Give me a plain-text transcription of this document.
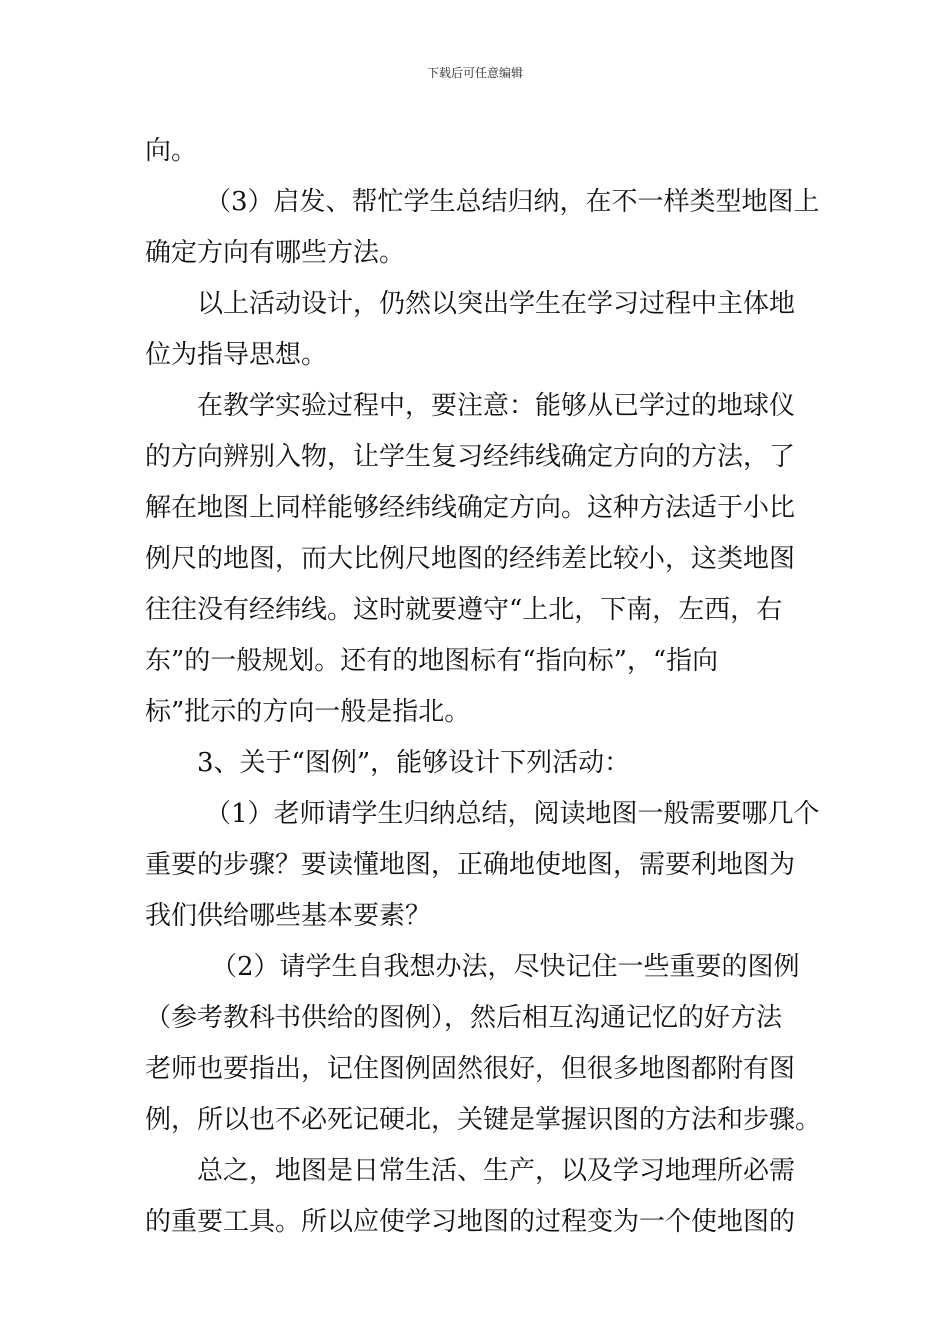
下载后可任意编辑
向。
（3）启发、帮忙学生总结归纳，在不一样类型地图上
确定方向有哪些方法。
以上活动设计，仍然以突出学生在学习过程中主体地
位为指导思想。
在教学实验过程中，要注意：能够从已学过的地球仪
的方向辨别入物，让学生复习经纬线确定方向的方法，了
解在地图上同样能够经纬线确定方向。这种方法适于小比
例尺的地图，而大比例尺地图的经纬差比较小，这类地图
往往没有经纬线。这时就要遵守“上北，下南，左西，右
东”的一般规划。还有的地图标有“指向标”，“指向
标”批示的方向一般是指北。
3、关于“图例”，能够设计下列活动：
（1）老师请学生归纳总结，阅读地图一般需要哪几个
重要的步骤？要读懂地图，正确地使地图，需要利地图为
我们供给哪些基本要素？
（2）请学生自我想办法，尽快记住一些重要的图例
（参考教科书供给的图例），然后相互沟通记忆的好方法
老师也要指出，记住图例固然很好，但很多地图都附有图
例，所以也不必死记硬北，关键是掌握识图的方法和步骤。
总之，地图是日常生活、生产，以及学习地理所必需
的重要工具。所以应使学习地图的过程变为一个使地图的
